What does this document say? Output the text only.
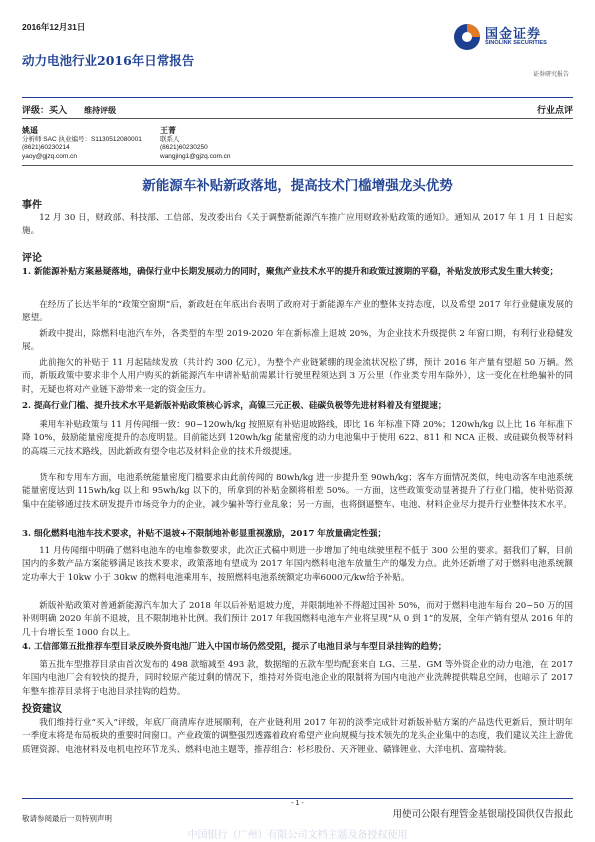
2016年12月31日
动力电池行业2016年日常报告
国金证券
SINOLINK SECURITIES
证券研究报告
评级：买入 维持评级	行业点评
姚遥
分析师 SAC 执业编号：S1130512080001
(8621)60230214
yaoy@gjzq.com.cn
王菁
联系人
(8621)60230250
wangjing1@gjzq.com.cn
新能源车补贴新政落地，提高技术门槛增强龙头优势
事件

12 月 30 日，财政部、科技部、工信部、发改委出台《关于调整新能源汽车推广应用财政补贴政策的通知》。通知从 2017 年 1 月 1 日起实施。

评论

1. 新能源补贴方案悬疑落地，确保行业中长期发展动力的同时，聚焦产业技术水平的提升和政策过渡期的平稳，补贴发放形式发生重大转变；

在经历了长达半年的“政策空窗期”后，新政赶在年底出台表明了政府对于新能源车产业的整体支持态度，以及希望 2017 年行业健康发展的愿望。

新政中提出，除燃料电池汽车外，各类型的车型 2019-2020 年在新标准上退坡 20%，为企业技术升级提供 2 年窗口期，有利行业稳健发展。

此前拖欠的补贴于 11 月起陆续发放（共计约 300 亿元），为整个产业链紧绷的现金流状况松了绑，预计 2016 年产量有望超 50 万辆。然而，新版政策中要求非个人用户购买的新能源汽车申请补贴前需累计行驶里程须达到 3 万公里（作业类专用车除外），这一变化在杜绝骗补的同时，无疑也将对产业链下游带来一定的资金压力。

2. 提高行业门槛、提升技术水平是新版补贴政策核心诉求，高镍三元正极、硅碳负极等先进材料着及有望提速；

乘用车补贴政策与 11 月传闻细一致：90~120wh/kg 按照原有补贴退坡路线，即比 16 年标准下降 20%；120wh/kg 以上比 16 年标准下降 10%，鼓励能量密度提升的态度明显。目前能达到 120wh/kg 能量密度的动力电池集中于使用 622、811 和 NCA 正极、或硅碳负极等材料的高端三元技术路线，因此新政有望令电芯及材料企业的技术升级提速。

货车和专用车方面，电池系统能量密度门槛要求由此前传闻的 80wh/kg 进一步提升至 90wh/kg；客车方面情况类似，纯电动客车电池系统能量密度达到 115wh/kg 以上和 95wh/kg 以下的，所拿到的补贴金额将相差 50%。一方面，这些政策变动显著提升了行业门槛，使补贴资源集中在能够通过技术研发提升市场竞争力的企业，减少骗补等行业乱象；另一方面，也将倒逼整车、电池、材料企业尽力提升行业整体技术水平。

3. 细化燃料电池车技术要求，补贴不退坡+不限制地补彰显重视激励，2017 年放量确定性强；

11 月传闻细中明确了燃料电池车的电堆参数要求，此次正式稿中则进一步增加了纯电续驶里程不低于 300 公里的要求。据我们了解，目前国内的多数产品方案能够满足该技术要求，政策落地有望成为 2017 年国内燃料电池车放量生产的爆发力点。此外还新增了对于燃料电池系统额定功率大于 10kw 小于 30kw 的燃料电池乘用车，按照燃料电池系统额定功率6000元/kw给予补贴。

新版补贴政策对普通新能源汽车加大了 2018 年以后补贴退坡力度，并限制地补不得超过国补 50%，而对于燃料电池车每台 20~50 万的国补则明确 2020 年前不退坡，且不限制地补比例。我们预计 2017 年我国燃料电池车产业将呈现“从 0 到 1”的发展，全年产销有望从 2016 年的几十台增长至 1000 台以上。

4. 工信部第五批推荐车型目录反映外资电池厂进入中国市场仍然受阻，提示了电池目录与车型目录挂钩的趋势；

第五批车型推荐目录由首次发布的 498 款缩减至 493 款，数据缩的五款车型均配套来自 LG、三星、GM 等外资企业的动力电池，在 2017 年国内电池厂会有较快的提升，同时较原产能过剩的情况下，维持对外资电池企业的限制将为国内电池产业洗牌提供喘息空间，也暗示了 2017 年整车推荐目录将于电池目录挂钩的趋势。

投资建议

我们维持行业“买入”评级，年底厂商清库存进展顺利，在产业链利用 2017 年初的淡季完成针对新版补贴方案的产品迭代更新后，预计明年一季度末将是布局板块的重要时间窗口。产业政策的调整强烈透露着政府希望产业向规模与技术领先的龙头企业集中的态度，我们建议关注上游优质锂资源、电池材料及电机电控环节龙头、燃料电池主题等，推荐组合：杉杉股份、天齐锂业、赣锋锂业、大洋电机、富瑞特装。

- 1 -
敬请参阅最后一页特别声明	用使司公限有理管金基银瑞投国供仅告报此
中国银行（广州）有限公司文档主题及备授权使用
